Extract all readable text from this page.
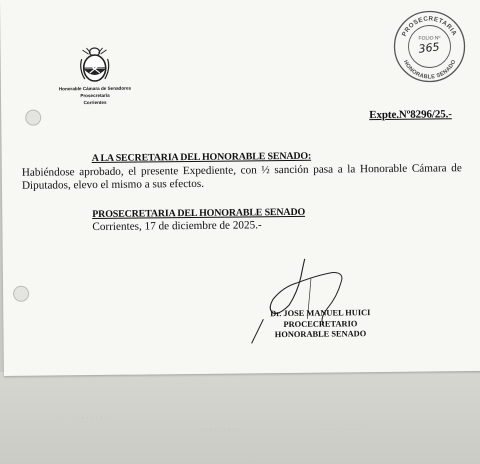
· · · · · · · · · · · ·
· · · · · · · · ·
· · · · · · · · · · ·
Honorable Cámara de Senadores
Prosecretaría
Corrientes
PROSECRETARIA
HONORABLE SENADO
FOLIO Nº
365
Expte.Nº8296/25.-
A LA SECRETARIA DEL HONORABLE SENADO:
Habiéndose aprobado, el presente Expediente, con ½ sanción pasa a la Honorable Cámara de Diputados, elevo el mismo a sus efectos.
PROSECRETARIA DEL HONORABLE SENADO
Corrientes, 17 de diciembre de 2025.-
Dr. JOSE MANUEL HUICI
PROCECRETARIO
HONORABLE SENADO
